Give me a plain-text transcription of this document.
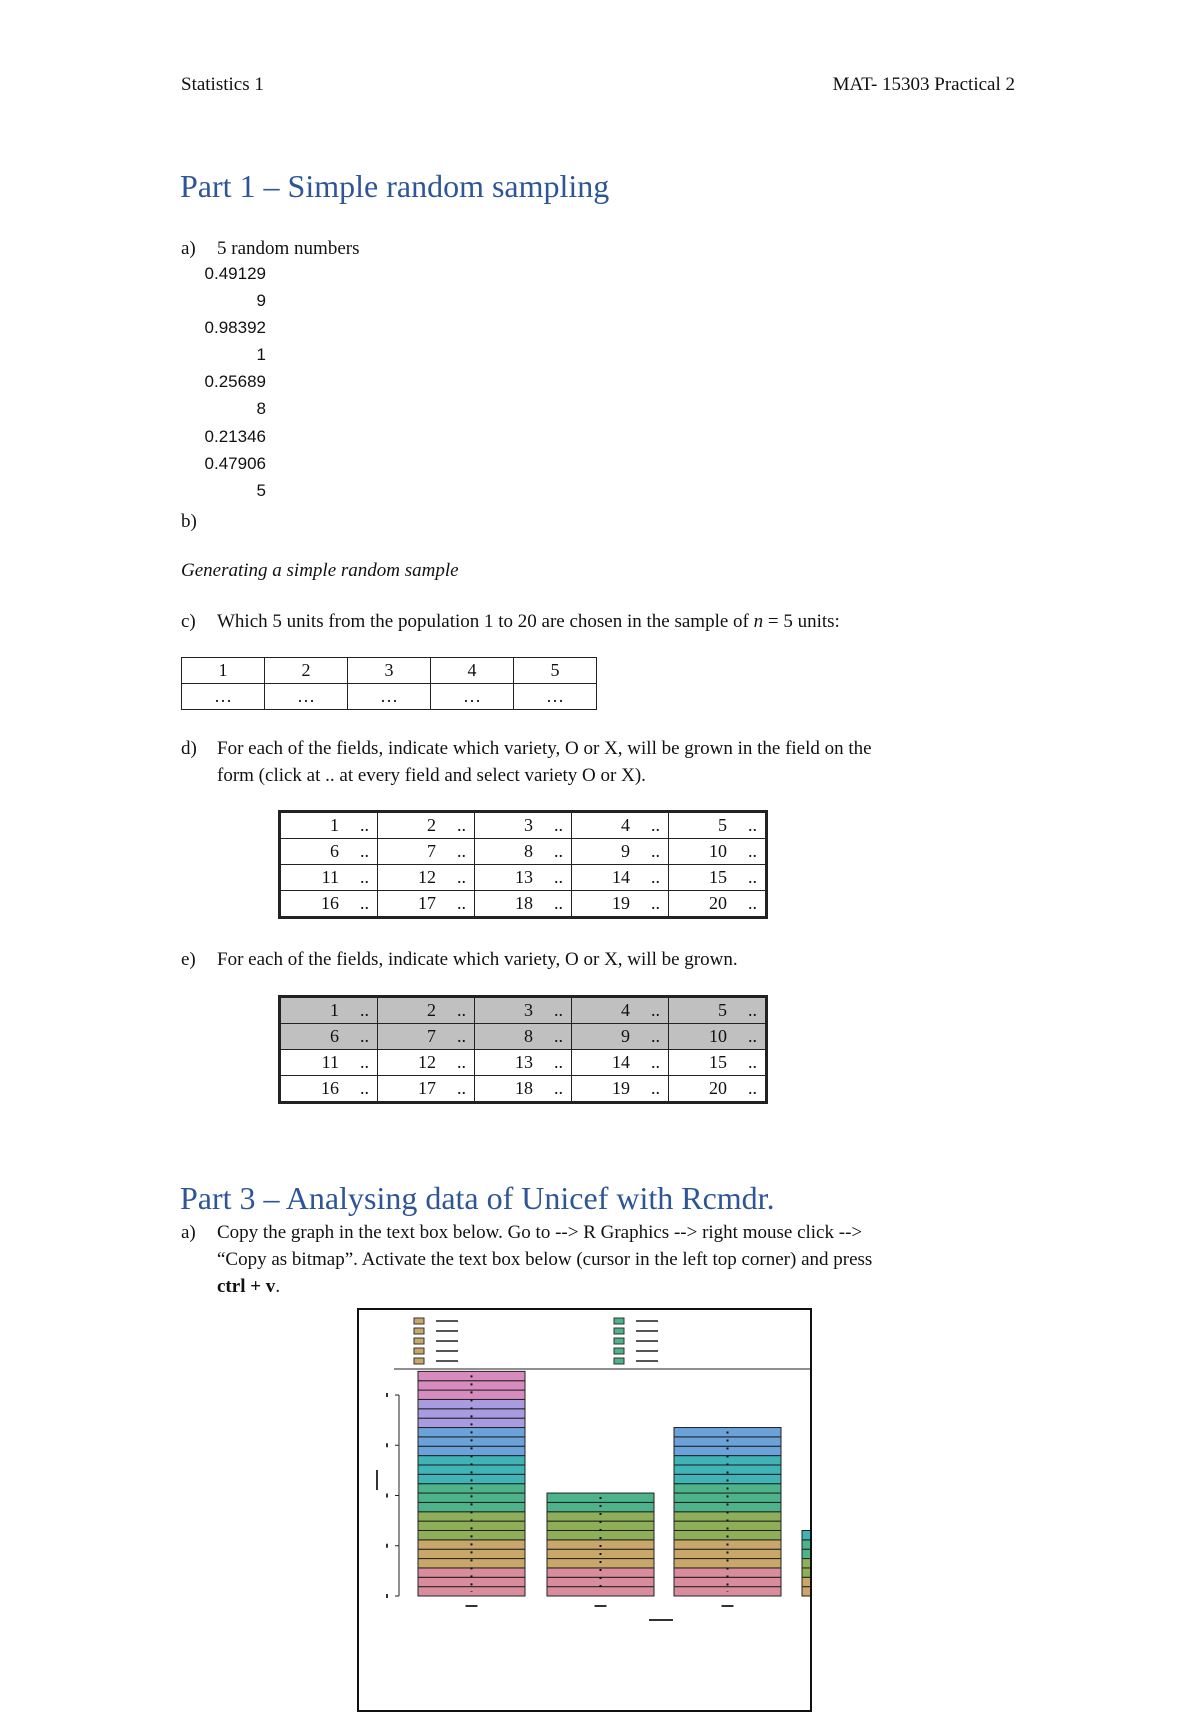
Statistics 1	MAT- 15303 Practical 2
Part 1 – Simple random sampling
a) 5 random numbers
0.49129
9
0.98392
1
0.25689
8
0.21346
0.47906
5
b)
Generating a simple random sample
c) Which 5 units from the population 1 to 20 are chosen in the sample of n = 5 units:
1	2	3	4	5
…	…	…	…	…
d) For each of the fields, indicate which variety, O or X, will be grown in the field on the
form (click at .. at every field and select variety O or X).
1 ..	2 ..	3 ..	4 ..	5 ..
6 ..	7 ..	8 ..	9 ..	10 ..
11 ..	12 ..	13 ..	14 ..	15 ..
16 ..	17 ..	18 ..	19 ..	20 ..
e) For each of the fields, indicate which variety, O or X, will be grown.
1 ..	2 ..	3 ..	4 ..	5 ..
6 ..	7 ..	8 ..	9 ..	10 ..
11 ..	12 ..	13 ..	14 ..	15 ..
16 ..	17 ..	18 ..	19 ..	20 ..
Part 3 – Analysing data of Unicef with Rcmdr.
a) Copy the graph in the text box below. Go to --> R Graphics --> right mouse click -->
“Copy as bitmap”. Activate the text box below (cursor in the left top corner) and press
ctrl + v.
